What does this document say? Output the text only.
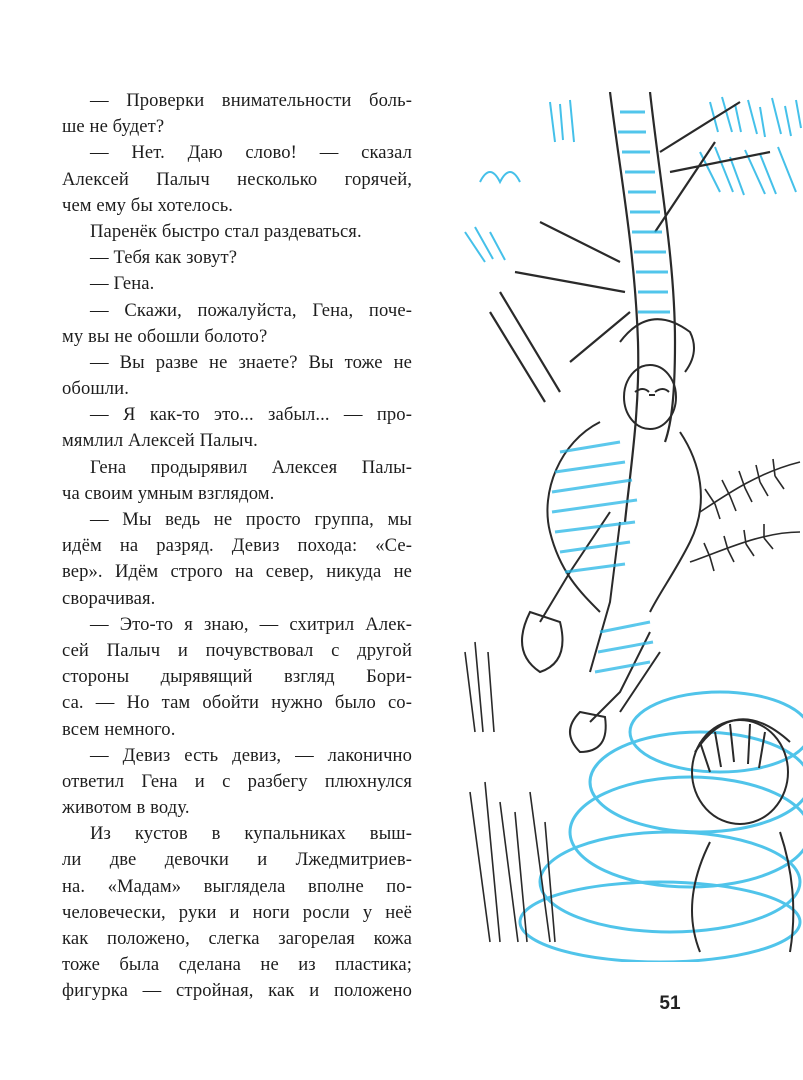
— Проверки внимательности боль-
ше не будет?
— Нет. Даю слово! — сказал
Алексей Палыч несколько горячей,
чем ему бы хотелось.
Паренёк быстро стал раздеваться.
— Тебя как зовут?
— Гена.
— Скажи, пожалуйста, Гена, поче-
му вы не обошли болото?
— Вы разве не знаете? Вы тоже не
обошли.
— Я как-то это... забыл... — про-
мямлил Алексей Палыч.
Гена продырявил Алексея Палы-
ча своим умным взглядом.
— Мы ведь не просто группа, мы
идём на разряд. Девиз похода: «Се-
вер». Идём строго на север, никуда не
сворачивая.
— Это-то я знаю, — схитрил Алек-
сей Палыч и почувствовал с другой
стороны дырявящий взгляд Бори-
са. — Но там обойти нужно было со-
всем немного.
— Девиз есть девиз, — лаконично
ответил Гена и с разбегу плюхнулся
животом в воду.
Из кустов в купальниках выш-
ли две девочки и Лжедмитриев-
на. «Мадам» выглядела вполне по-
человечески, руки и ноги росли у неё
как положено, слегка загорелая кожа
тоже была сделана не из пластика;
фигурка — стройная, как и положено
51
